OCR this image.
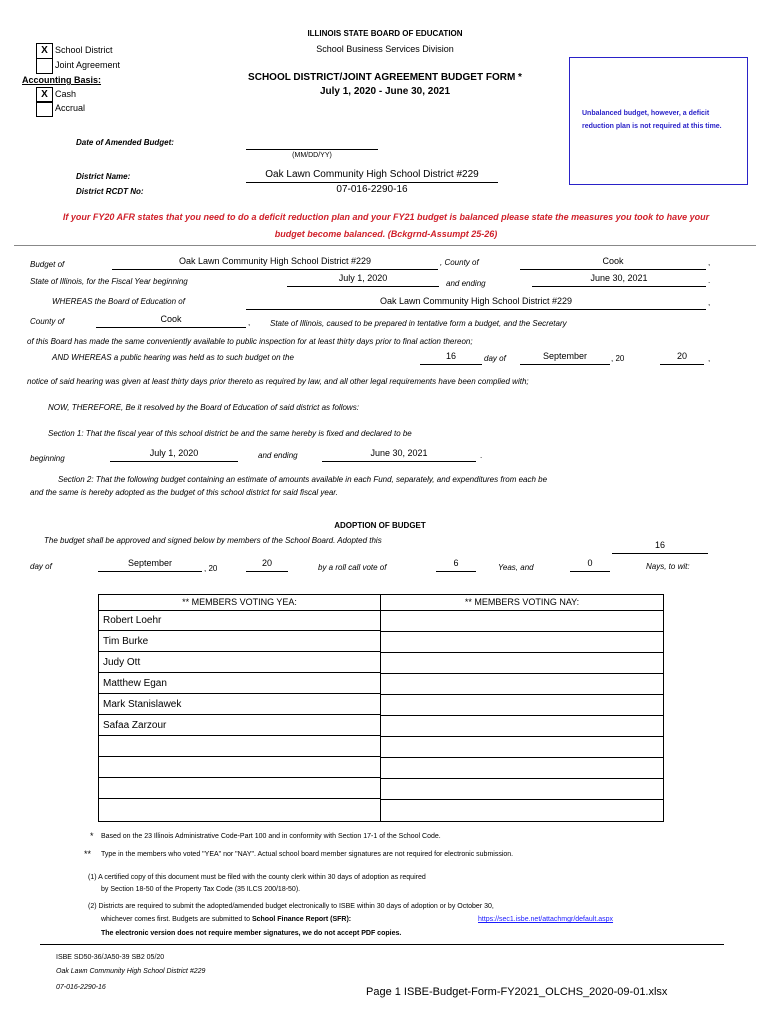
ILLINOIS STATE BOARD OF EDUCATION
School Business Services Division
SCHOOL DISTRICT/JOINT AGREEMENT BUDGET FORM *
July 1, 2020 - June 30, 2021
X School District
Joint Agreement
Accounting Basis:
X Cash
Accrual
Unbalanced budget, however, a deficit
reduction plan is not required at this time.
Date of Amended Budget:
(MM/DD/YY)
District Name:	Oak Lawn Community High School District #229
District RCDT No:	07-016-2290-16
If your FY20 AFR states that you need to do a deficit reduction plan and your FY21 budget is balanced please state the measures you took to have your
budget become balanced. (Bckgrnd-Assumpt 25-26)
Budget of	Oak Lawn Community High School District #229	, County of	Cook	,
State of Illinois, for the Fiscal Year beginning	July 1, 2020
and ending
June 30, 2021	.
WHEREAS the Board of Education of	Oak Lawn Community High School District #229	,
County of	Cook	, State of Illinois, caused to be prepared in tentative form a budget, and the Secretary
of this Board has made the same conveniently available to public inspection for at least thirty days prior to final action thereon;
AND WHEREAS a public hearing was held as to such budget on the	16	day of	September	, 20	20	,
notice of said hearing was given at least thirty days prior thereto as required by law, and all other legal requirements have been complied with;
NOW, THEREFORE, Be it resolved by the Board of Education of said district as follows:
Section 1: That the fiscal year of this school district be and the same hereby is fixed and declared to be
beginning
July 1, 2020	and ending	June 30, 2021	.
Section 2: That the following budget containing an estimate of amounts available in each Fund, separately, and expenditures from each be
and the same is hereby adopted as the budget of this school district for said fiscal year.
ADOPTION OF BUDGET
The budget shall be approved and signed below by members of the School Board. Adopted this	16
day of	September
, 20
20	by a roll call vote of	6	Yeas, and	0	Nays, to wit:
** MEMBERS VOTING YEA:	** MEMBERS VOTING NAY:
Robert Loehr
Tim Burke
Judy Ott
Matthew Egan
Mark Stanislawek
Safaa Zarzour
* Based on the 23 Illinois Administrative Code-Part 100 and in conformity with Section 17-1 of the School Code.
** Type in the members who voted "YEA" nor "NAY". Actual school board member signatures are not required for electronic submission.
(1) A certified copy of this document must be filed with the county clerk within 30 days of adoption as required
by Section 18-50 of the Property Tax Code (35 ILCS 200/18-50).
(2) Districts are required to submit the adopted/amended budget electronically to ISBE within 30 days of adoption or by October 30,
whichever comes first. Budgets are submitted to School Finance Report (SFR):	https://sec1.isbe.net/attachmgr/default.aspx
The electronic version does not require member signatures, we do not accept PDF copies.
ISBE SD50-36/JA50-39 SB2 05/20
Oak Lawn Community High School District #229
07-016-2290-16	Page 1 ISBE-Budget-Form-FY2021_OLCHS_2020-09-01.xlsx
